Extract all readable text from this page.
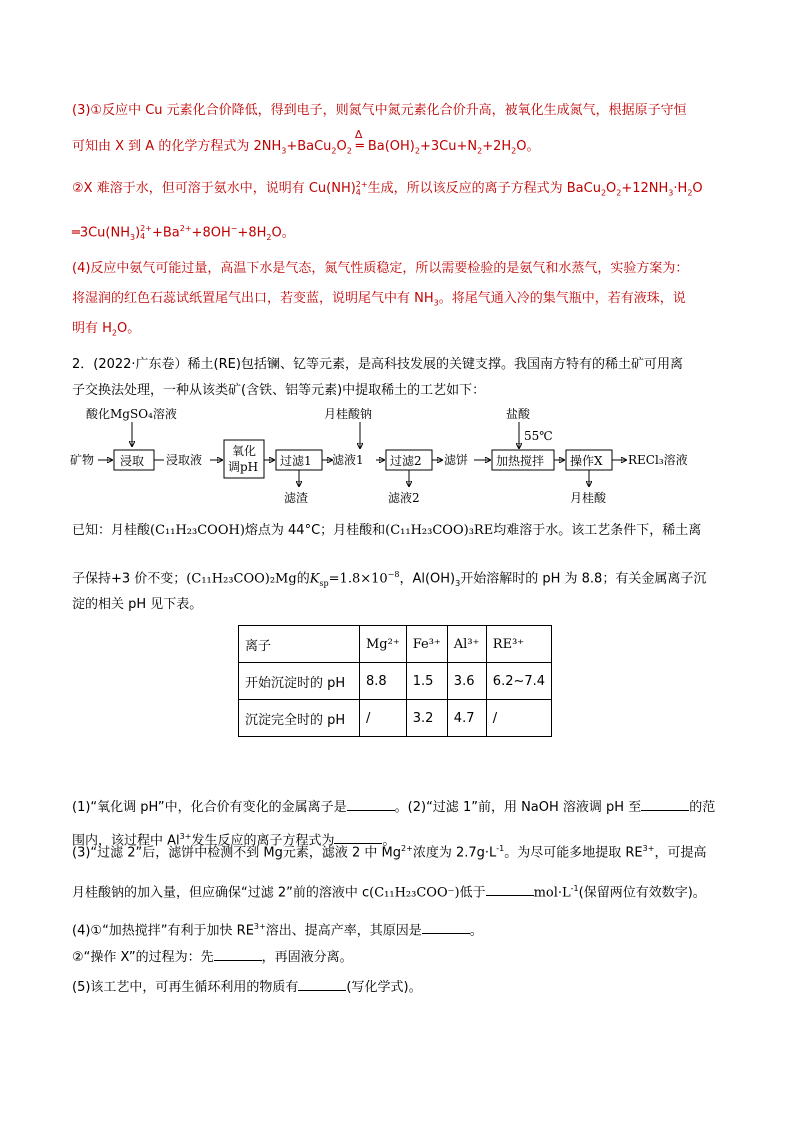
(3)①反应中 Cu 元素化合价降低，得到电子，则氮气中氮元素化合价升高，被氧化生成氮气，根据原子守恒
可知由 X 到 A 的化学方程式为 $2NH_3+BaCu_2O_2$
Δ
═ $Ba(OH)_2+3Cu+N_2+2H_2O$。
②X 难溶于水，但可溶于氨水中，说明有 Cu(NH)2+
4 生成，所以该反应的离子方程式为 $BaCu_2O_2+12NH_3\cdot H_2O$
$═3Cu(NH_3)2+$
$4 +Ba^{2+}+8OH^-+8H_2O$。
(4)反应中氨气可能过量，高温下水是气态，氮气性质稳定，所以需要检验的是氨气和水蒸气，实验方案为：
将湿润的红色石蕊试纸置尾气出口，若变蓝，说明尾气中有 $NH_3$。将尾气通入冷的集气瓶中，若有液珠，说
明有 $H_2O$。
2．(2022·广东卷）稀土(RE)包括镧、钇等元素，是高科技发展的关键支撑。我国南方特有的稀土矿可用离
子交换法处理，一种从该类矿(含铁、铝等元素)中提取稀土的工艺如下：
酸化MgSO₄溶液
矿物 浸取 浸取液
氧化
调pH 过滤1
滤渣
滤液1
月桂酸钠
过滤2
滤液2
滤饼
盐酸
55℃
加热搅拌 操作X
月桂酸
RECl₃溶液
已知：月桂酸(C₁₁H₂₃COOH)熔点为 44°C；月桂酸和(C₁₁H₂₃COO)₃RE均难溶于水。该工艺条件下，稀土离
子保持+3 价不变；(C₁₁H₂₃COO)₂Mg的$K_{sp}=1.8\times 10^{-8}$，$Al(OH)_3$开始溶解时的 pH 为 8.8；有关金属离子沉
淀的相关 pH 见下表。
离子	Mg²⁺	Fe³⁺	Al³⁺	RE³⁺
开始沉淀时的 pH	8.8	1.5	3.6	6.2~7.4
沉淀完全时的 pH	/	3.2	4.7	/
(1)“氧化调 pH”中，化合价有变化的金属离子是	。(2)“过滤 1”前，用 NaOH 溶液调 pH 至	的范
围内，该过程中 $Al^{3+}$发生反应的离子方程式为	。
(3)“过滤 2”后，滤饼中检测不到 Mg元素，滤液 2 中 $Mg^{2+}$浓度为 $2.7g\cdot L^{-1}$。为尽可能多地提取 $RE^{3+}$，可提高
月桂酸钠的加入量，但应确保“过滤 2”前的溶液中 c(C₁₁H₂₃COO⁻)低于	$mol\cdot L^{-1}$(保留两位有效数字)。
(4)①“加热搅拌”有利于加快 $RE^{3+}$溶出、提高产率，其原因是	。
②“操作 X”的过程为：先	，再固液分离。
(5)该工艺中，可再生循环利用的物质有	(写化学式)。
